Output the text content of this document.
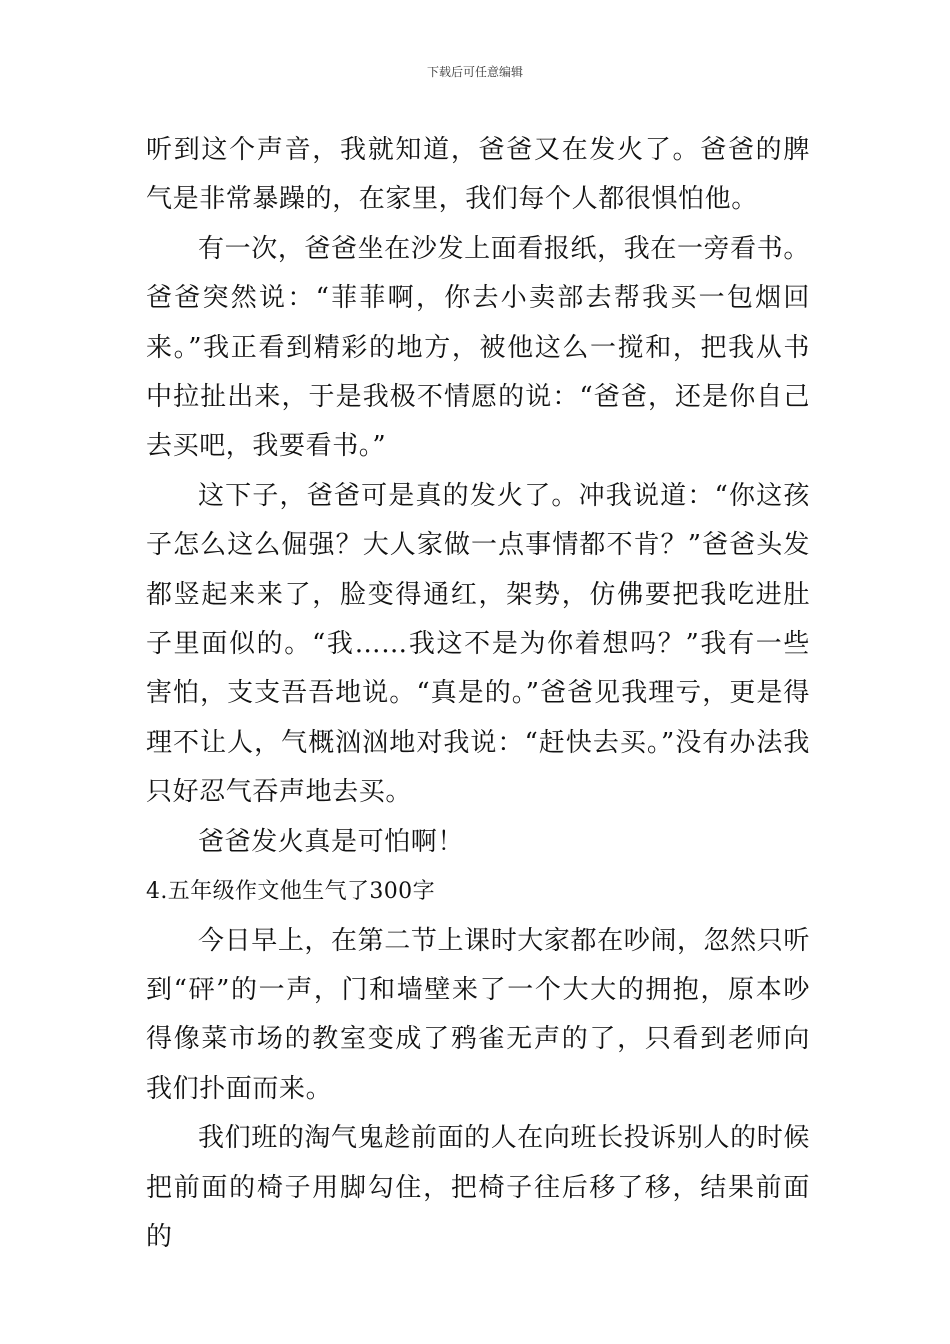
下载后可任意编辑

听到这个声音，我就知道，爸爸又在发火了。爸爸的脾气是非常暴躁的，在家里，我们每个人都很惧怕他。

有一次，爸爸坐在沙发上面看报纸，我在一旁看书。爸爸突然说：“菲菲啊，你去小卖部去帮我买一包烟回来。”我正看到精彩的地方，被他这么一搅和，把我从书中拉扯出来，于是我极不情愿的说：“爸爸，还是你自己去买吧，我要看书。”

这下子，爸爸可是真的发火了。冲我说道：“你这孩子怎么这么倔强？大人家做一点事情都不肯？”爸爸头发都竖起来来了，脸变得通红，架势，仿佛要把我吃进肚子里面似的。“我……我这不是为你着想吗？”我有一些害怕，支支吾吾地说。“真是的。”爸爸见我理亏，更是得理不让人，气概汹汹地对我说：“赶快去买。”没有办法我只好忍气吞声地去买。

爸爸发火真是可怕啊！

4.五年级作文他生气了300字

今日早上，在第二节上课时大家都在吵闹，忽然只听到“砰”的一声，门和墙壁来了一个大大的拥抱，原本吵得像菜市场的教室变成了鸦雀无声的了，只看到老师向我们扑面而来。

我们班的淘气鬼趁前面的人在向班长投诉别人的时候把前面的椅子用脚勾住，把椅子往后移了移，结果前面的
